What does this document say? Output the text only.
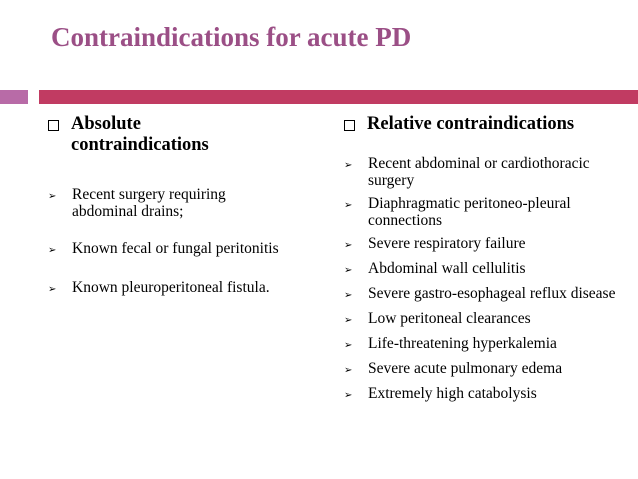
Contraindications for acute PD
Absolute contraindications
➢ Recent surgery requiring abdominal drains;
➢ Known fecal or fungal peritonitis
➢ Known pleuroperitoneal fistula.
Relative contraindications
➢ Recent abdominal or cardiothoracic surgery
➢ Diaphragmatic peritoneo-pleural connections
➢ Severe respiratory failure
➢ Abdominal wall cellulitis
➢ Severe gastro-esophageal reflux disease
➢ Low peritoneal clearances
➢ Life-threatening hyperkalemia
➢ Severe acute pulmonary edema
➢ Extremely high catabolysis
